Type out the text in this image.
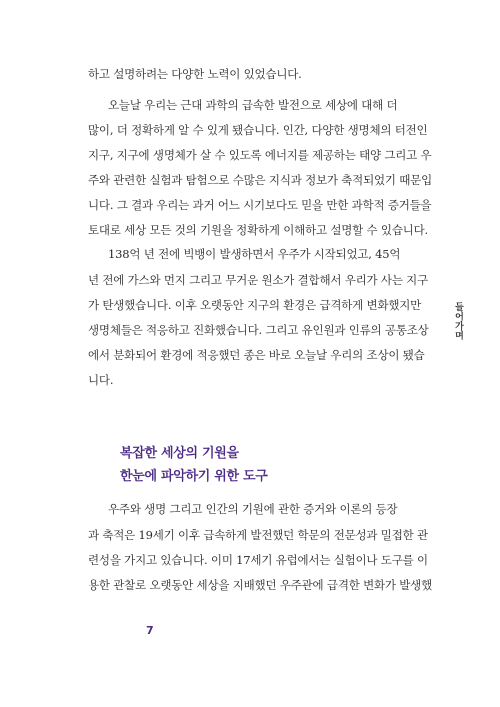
하고 설명하려는 다양한 노력이 있었습니다.
오늘날 우리는 근대 과학의 급속한 발전으로 세상에 대해 더
많이, 더 정확하게 알 수 있게 됐습니다. 인간, 다양한 생명체의 터전인
지구, 지구에 생명체가 살 수 있도록 에너지를 제공하는 태양 그리고 우
주와 관련한 실험과 탐험으로 수많은 지식과 정보가 축적되었기 때문입
니다. 그 결과 우리는 과거 어느 시기보다도 믿을 만한 과학적 증거들을
토대로 세상 모든 것의 기원을 정확하게 이해하고 설명할 수 있습니다.
138억 년 전에 빅뱅이 발생하면서 우주가 시작되었고, 45억
년 전에 가스와 먼지 그리고 무거운 원소가 결합해서 우리가 사는 지구
가 탄생했습니다. 이후 오랫동안 지구의 환경은 급격하게 변화했지만
생명체들은 적응하고 진화했습니다. 그리고 유인원과 인류의 공통조상
에서 분화되어 환경에 적응했던 종은 바로 오늘날 우리의 조상이 됐습
니다.
복잡한 세상의 기원을
한눈에 파악하기 위한 도구
우주와 생명 그리고 인간의 기원에 관한 증거와 이론의 등장
과 축적은 19세기 이후 급속하게 발전했던 학문의 전문성과 밀접한 관
련성을 가지고 있습니다. 이미 17세기 유럽에서는 실험이나 도구를 이
용한 관찰로 오랫동안 세상을 지배했던 우주관에 급격한 변화가 발생했
들어가며
7
